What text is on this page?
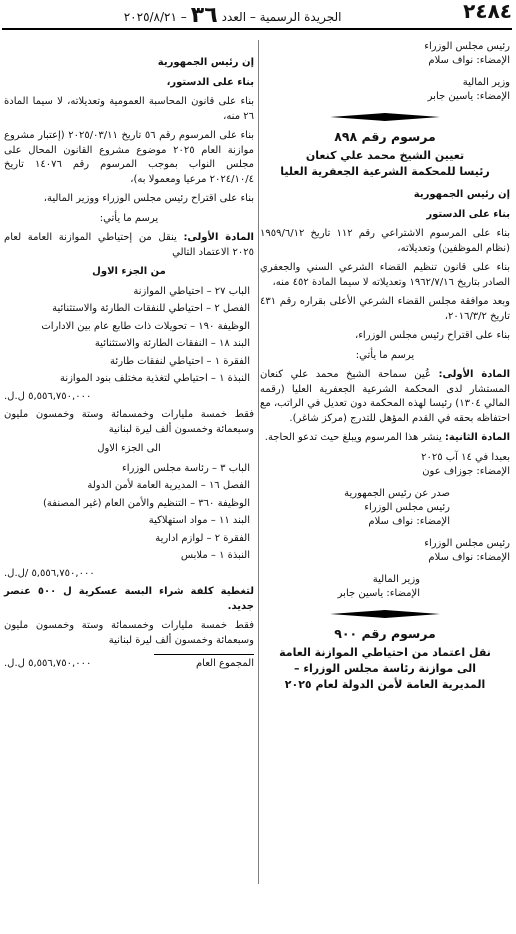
الجريدة الرسمية – العدد
٣٦
– ٢٠٢٥/٨/٢١	٢٤٨٤
رئيس مجلس الوزراء
الإمضاء: نواف سلام
وزير المالية
الإمضاء: ياسين جابر
مرسوم رقم ٨٩٨
تعيين الشيخ محمد علي كنعان
رئيسا للمحكمة الشرعية الجعفرية العليا

إن رئيس الجمهورية

بناء على الدستور

بناء على المرسوم الاشتراعي رقم ١١٢ تاريخ ١٩٥٩/٦/١٢ (نظام الموظفين) وتعديلاته،

بناء على قانون تنظيم القضاء الشرعي السني والجعفري الصادر بتاريخ ١٩٦٢/٧/١٦ وتعديلاته لا سيما المادة ٤٥٢ منه،

وبعد موافقة مجلس القضاء الشرعي الأعلى بقراره رقم ٤٣١ تاريخ ٢٠١٦/٣/٢،

بناء على اقتراح رئيس مجلس الوزراء،

يرسم ما يأتي:

المادة الأولى: عُين سماحة الشيخ محمد علي كنعان المستشار لدى المحكمة الشرعية الجعفرية العليا (رقمه المالي ١٣٠٤) رئيسا لهذه المحكمة دون تعديل في الراتب، مع احتفاظه بحقه في القدم المؤهل للتدرج (مركز شاغر).

المادة الثانية: ينشر هذا المرسوم ويبلغ حيث تدعو الحاجة.

بعبدا في ١٤ آب ٢٠٢٥
الإمضاء: جوزاف عون
صدر عن رئيس الجمهورية
رئيس مجلس الوزراء
الإمضاء: نواف سلام
رئيس مجلس الوزراء
الإمضاء: نواف سلام
وزير المالية
الإمضاء: ياسين جابر
مرسوم رقم ٩٠٠
نقل اعتماد من احتياطي الموازنة العامة
الى موازنة رئاسة مجلس الوزراء –
المديرية العامة لأمن الدولة لعام ٢٠٢٥

إن رئيس الجمهورية

بناء على الدستور،

بناء على قانون المحاسبة العمومية وتعديلاته، لا سيما المادة ٢٦ منه،

بناء على المرسوم رقم ٥٦ تاريخ ٢٠٢٥/٠٣/١١ (إعتبار مشروع موازنة العام ٢٠٢٥ موضوع مشروع القانون المحال على مجلس النواب بموجب المرسوم رقم ١٤٠٧٦ تاريخ ٢٠٢٤/١٠/٤ مرعيا ومعمولا به)،

بناء على اقتراح رئيس مجلس الوزراء ووزير المالية،

يرسم ما يأتي:

المادة الأولى: ينقل من إحتياطي الموازنة العامة لعام ٢٠٢٥ الاعتماد التالي

من الجزء الاول

الباب ٢٧ – احتياطي الموازنة
الفصل ٢ – احتياطي للنفقات الطارئة والاستثنائية
الوظيفة ١٩٠ – تحويلات ذات طابع عام بين الادارات
البند ١٨ – النفقات الطارئة والاستثنائية
الفقرة ١ – احتياطي لنفقات طارئة
النبذة ١ – احتياطي لتغذية مختلف بنود الموازنة

٥,٥٥٦,٧٥٠,٠٠٠ ل.ل.

فقط خمسة مليارات وخمسمائة وستة وخمسون مليون وسبعمائة وخمسون ألف ليرة لبنانية

الى الجزء الاول

الباب ٣ – رئاسة مجلس الوزراء
الفصل ١٦ – المديرية العامة لأمن الدولة
الوظيفة ٣٦٠ – التنظيم والأمن العام (غير المصنفة)
البند ١١ – مواد استهلاكية
الفقرة ٢ – لوازم ادارية
النبذة ١ – ملابس

٥,٥٥٦,٧٥٠,٠٠٠ /ل.ل.

لتغطية كلفة شراء البسة عسكرية ل ٥٠٠ عنصر جديد.

فقط خمسة مليارات وخمسمائة وستة وخمسون مليون وسبعمائة وخمسون ألف ليرة لبنانية

المجموع العام
٥,٥٥٦,٧٥٠,٠٠٠ ل.ل.
